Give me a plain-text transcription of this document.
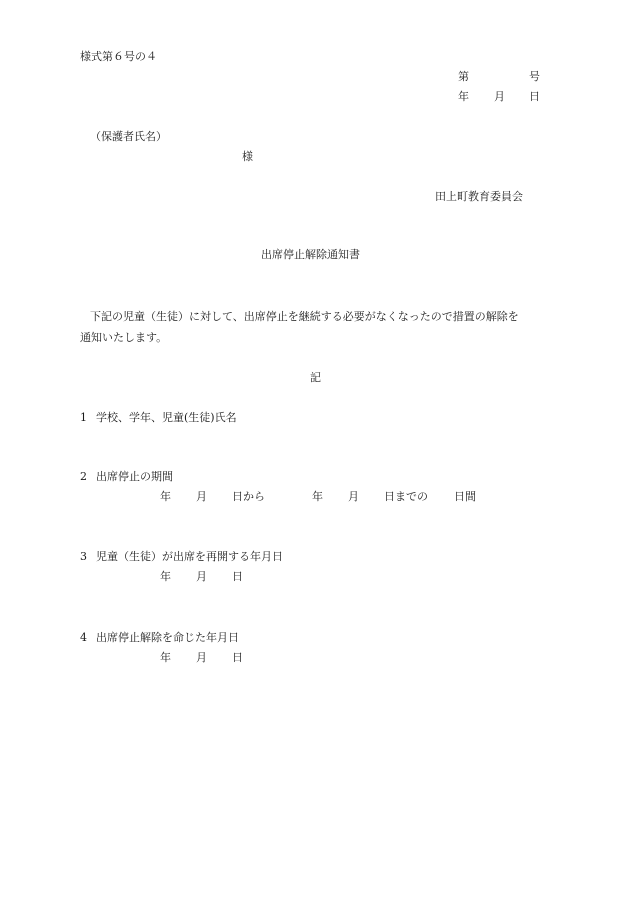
様式第６号の４
第	号
年 月 日
（保護者氏名）
様
田上町教育委員会
出席停止解除通知書
下記の児童（生徒）に対して、出席停止を継続する必要がなくなったので措置の解除を
通知いたします。
記
1 学校、学年、児童(生徒)氏名
2 出席停止の期間
年 月 日から	年 月 日までの 日間
3 児童（生徒）が出席を再開する年月日
年 月 日
4 出席停止解除を命じた年月日
年 月 日
